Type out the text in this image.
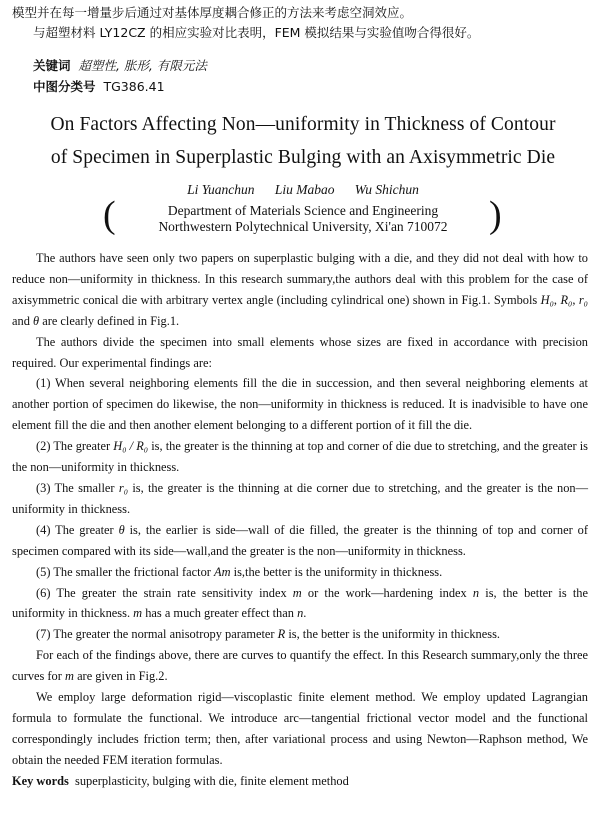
模型并在每一增量步后通过对基体厚度耦合修正的方法来考虑空洞效应。
与超塑材料 LY12CZ 的相应实验对比表明，FEM 模拟结果与实验值吻合得很好。
关键词 超塑性, 胀形, 有限元法
中图分类号 TG386.41
On Factors Affecting Non—uniformity in Thickness of Contour
of Specimen in Superplastic Bulging with an Axisymmetric Die
Li Yuanchun Liu Mabao Wu Shichun
(	Department of Materials Science and Engineering
Northwestern Polytechnical University, Xi'an 710072	)

The authors have seen only two papers on superplastic bulging with a die, and they did not deal with how to reduce non—uniformity in thickness. In this research summary,the authors deal with this problem for the case of axisymmetric conical die with arbitrary vertex angle (including cylindrical one) shown in Fig.1. Symbols H₀, R₀, r₀ and θ are clearly defined in Fig.1.

The authors divide the specimen into small elements whose sizes are fixed in accordance with precision required. Our experimental findings are:

(1) When several neighboring elements fill the die in succession, and then several neighboring elements at another portion of specimen do likewise, the non—uniformity in thickness is reduced. It is inadvisible to have one element fill the die and then another element belonging to a different portion of it fill the die.

(2) The greater H₀ / R₀ is, the greater is the thinning at top and corner of die due to stretching, and the greater is the non—uniformity in thickness.

(3) The smaller r₀ is, the greater is the thinning at die corner due to stretching, and the greater is the non—uniformity in thickness.

(4) The greater θ is, the earlier is side—wall of die filled, the greater is the thinning of top and corner of specimen compared with its side—wall,and the greater is the non—uniformity in thickness.

(5) The smaller the frictional factor Am is,the better is the uniformity in thickness.

(6) The greater the strain rate sensitivity index m or the work—hardening index n is, the better is the uniformity in thickness. m has a much greater effect than n.

(7) The greater the normal anisotropy parameter R is, the better is the uniformity in thickness.

For each of the findings above, there are curves to quantify the effect. In this Research summary,only the three curves for m are given in Fig.2.

We employ large deformation rigid—viscoplastic finite element method. We employ updated Lagrangian formula to formulate the functional. We introduce arc—tangential frictional vector model and the functional correspondingly includes friction term; then, after variational process and using Newton—Raphson method, We obtain the needed FEM iteration formulas.

Key words superplasticity, bulging with die, finite element method
